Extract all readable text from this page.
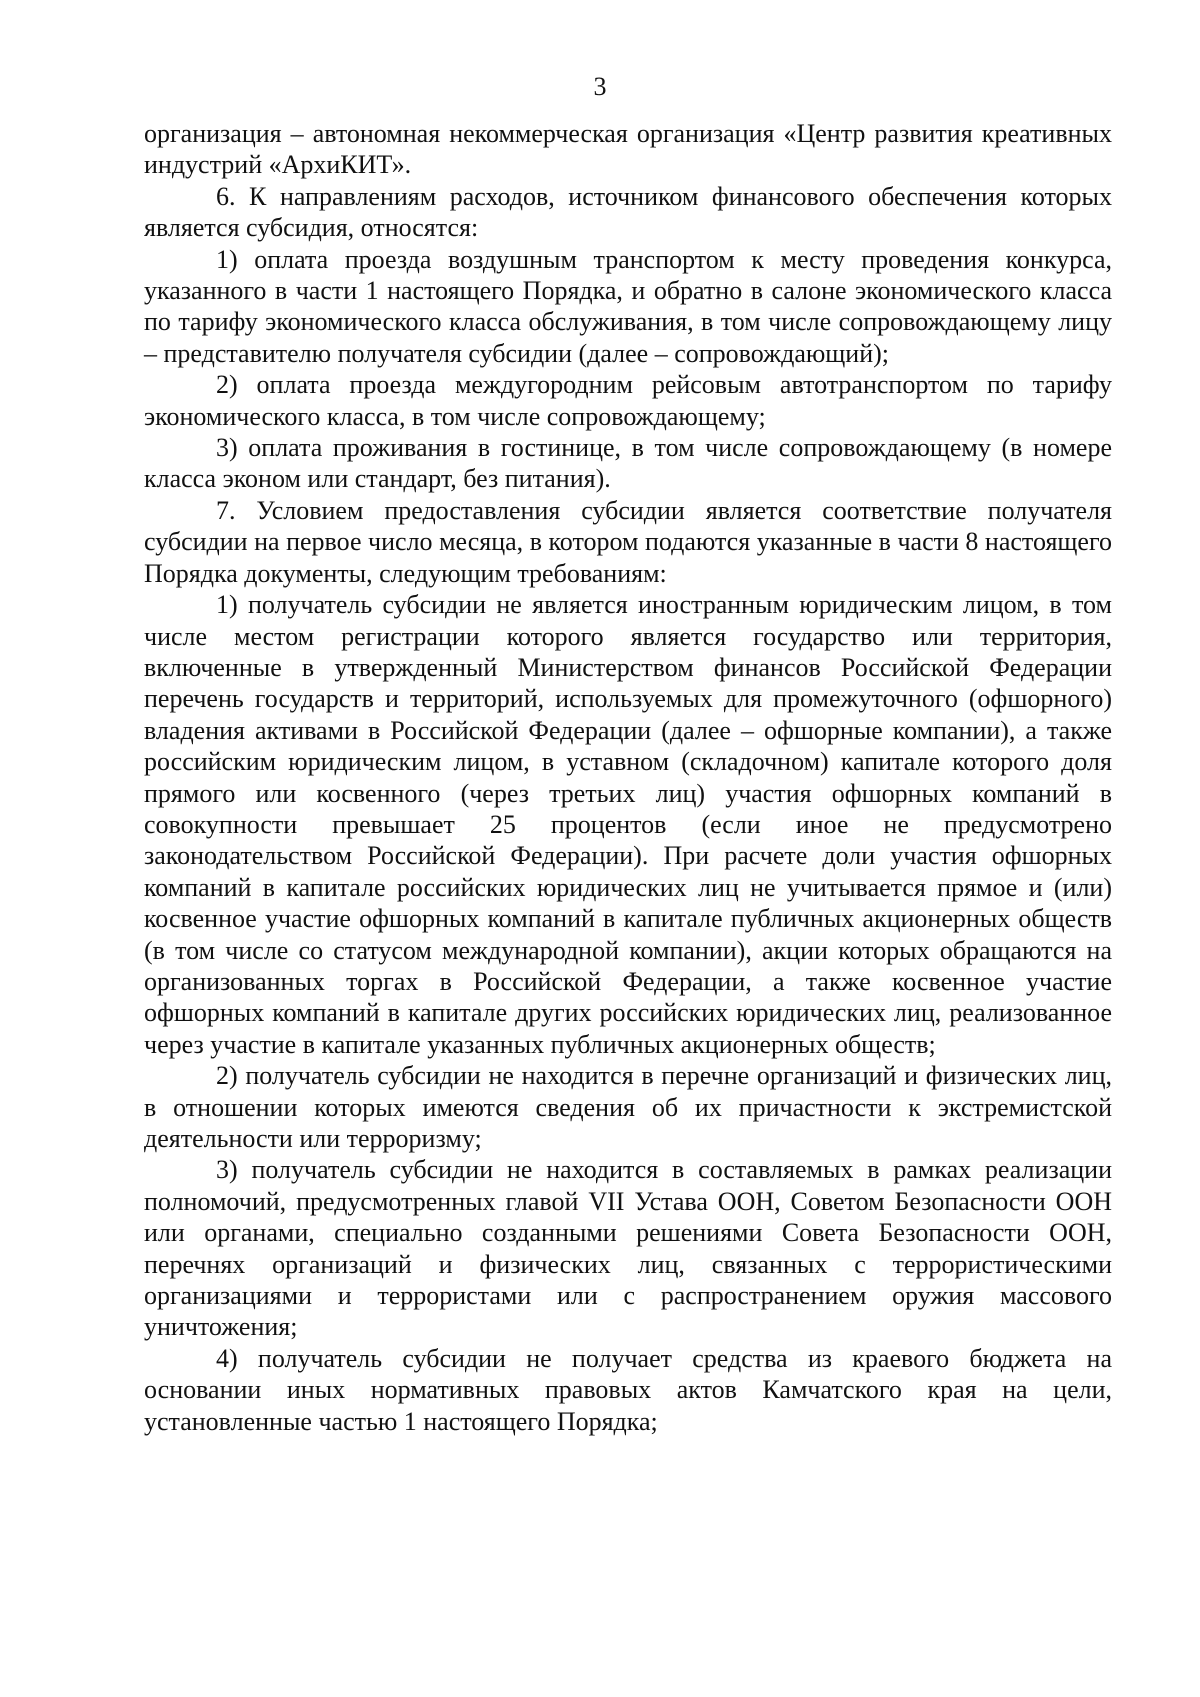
3

организация – автономная некоммерческая организация «Центр развития креативных индустрий «АрхиКИТ».

6. К направлениям расходов, источником финансового обеспечения которых является субсидия, относятся:

1) оплата проезда воздушным транспортом к месту проведения конкурса, указанного в части 1 настоящего Порядка, и обратно в салоне экономического класса по тарифу экономического класса обслуживания, в том числе сопровождающему лицу – представителю получателя субсидии (далее – сопровождающий);

2) оплата проезда междугородним рейсовым автотранспортом по тарифу экономического класса, в том числе сопровождающему;

3) оплата проживания в гостинице, в том числе сопровождающему (в номере класса эконом или стандарт, без питания).

7. Условием предоставления субсидии является соответствие получателя субсидии на первое число месяца, в котором подаются указанные в части 8 настоящего Порядка документы, следующим требованиям:

1) получатель субсидии не является иностранным юридическим лицом, в том числе местом регистрации которого является государство или территория, включенные в утвержденный Министерством финансов Российской Федерации перечень государств и территорий, используемых для промежуточного (офшорного) владения активами в Российской Федерации (далее – офшорные компании), а также российским юридическим лицом, в уставном (складочном) капитале которого доля прямого или косвенного (через третьих лиц) участия офшорных компаний в совокупности превышает 25 процентов (если иное не предусмотрено законодательством Российской Федерации). При расчете доли участия офшорных компаний в капитале российских юридических лиц не учитывается прямое и (или) косвенное участие офшорных компаний в капитале публичных акционерных обществ (в том числе со статусом международной компании), акции которых обращаются на организованных торгах в Российской Федерации, а также косвенное участие офшорных компаний в капитале других российских юридических лиц, реализованное через участие в капитале указанных публичных акционерных обществ;

2) получатель субсидии не находится в перечне организаций и физических лиц, в отношении которых имеются сведения об их причастности к экстремистской деятельности или терроризму;

3) получатель субсидии не находится в составляемых в рамках реализации полномочий, предусмотренных главой VII Устава ООН, Советом Безопасности ООН или органами, специально созданными решениями Совета Безопасности ООН, перечнях организаций и физических лиц, связанных с террористическими организациями и террористами или с распространением оружия массового уничтожения;

4) получатель субсидии не получает средства из краевого бюджета на основании иных нормативных правовых актов Камчатского края на цели, установленные частью 1 настоящего Порядка;
